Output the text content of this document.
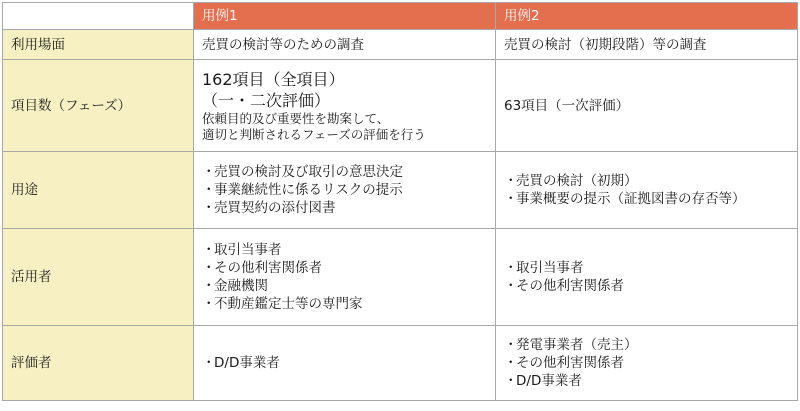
	用例1	用例2
利用場面	売買の検討等のための調査	売買の検討（初期段階）等の調査
項目数（フェーズ）	162項目（全項目）
（一・二次評価）
依頼目的及び重要性を勘案して、
適切と判断されるフェーズの評価を行う	63項目（一次評価）
用途	・売買の検討及び取引の意思決定
・事業継続性に係るリスクの提示
・売買契約の添付図書	・売買の検討（初期）
・事業概要の提示（証拠図書の存否等）

活用者	・取引当事者
・その他利害関係者
・金融機関
・不動産鑑定士等の専門家	・取引当事者
・その他利害関係者

評価者	・D/D事業者	・発電事業者（売主）
・その他利害関係者
・D/D事業者
